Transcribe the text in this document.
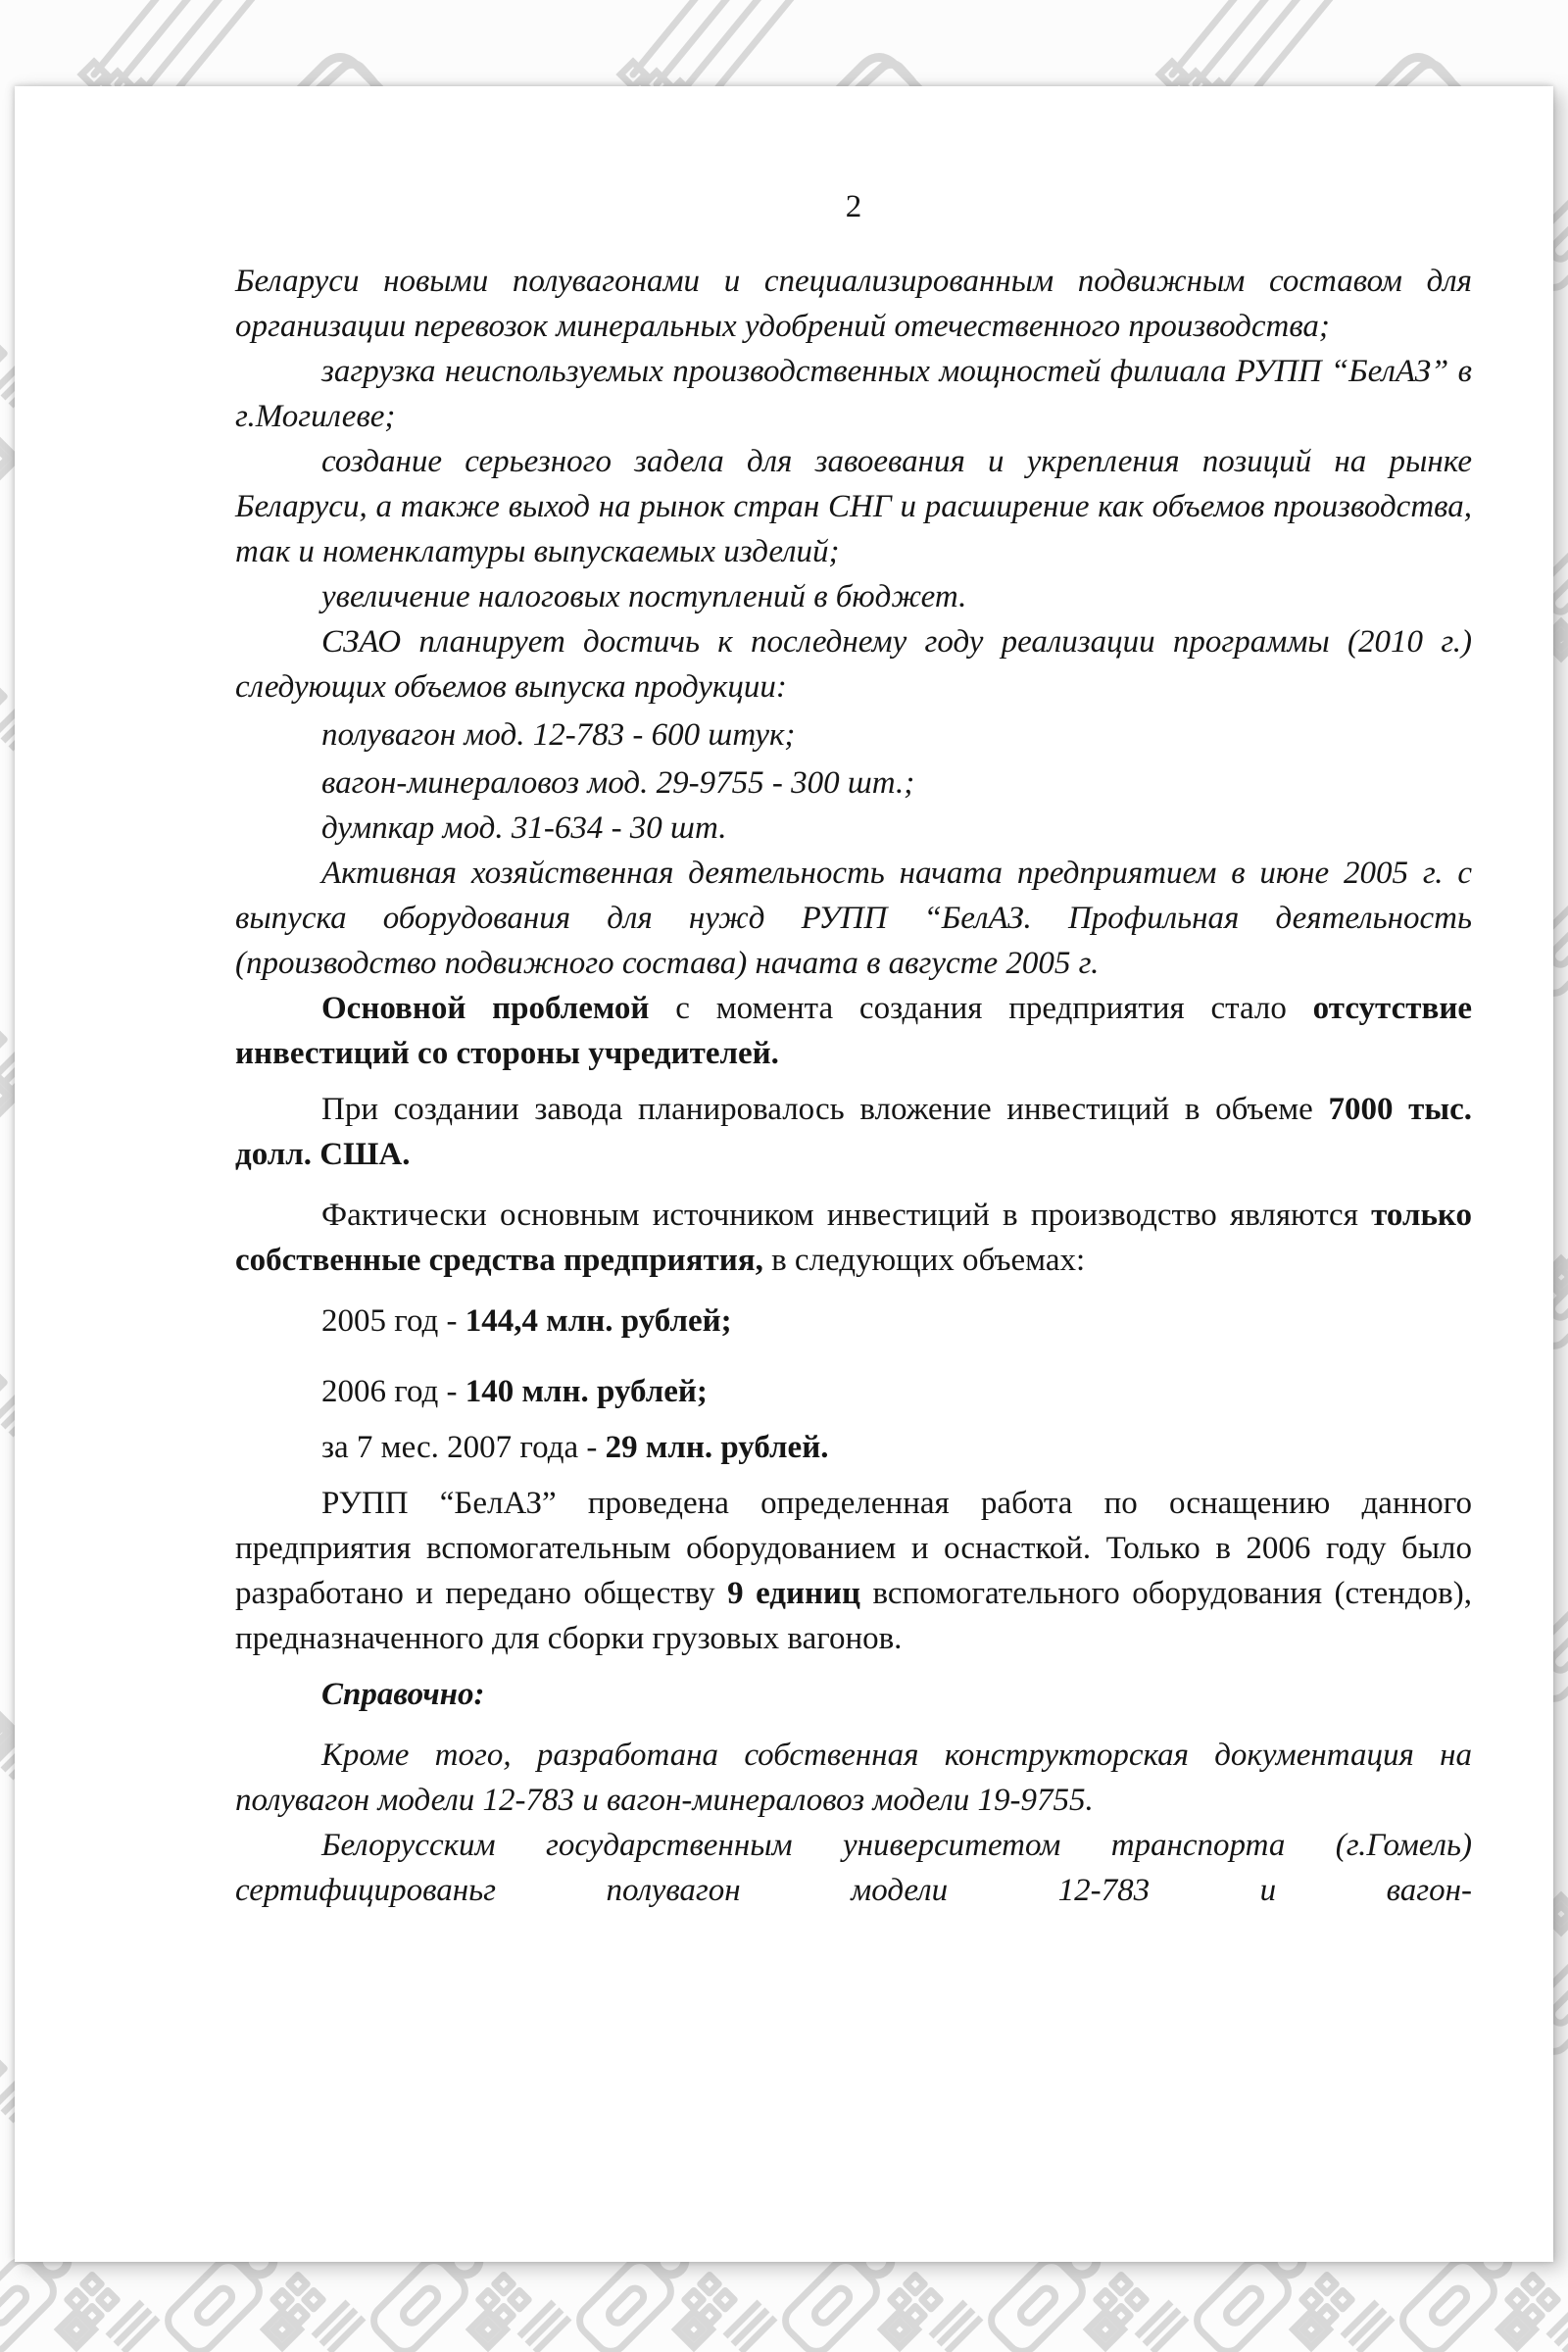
2

Беларуси новыми полувагонами и специализированным подвижным составом для организации перевозок минеральных удобрений отечественного производства;

загрузка неиспользуемых производственных мощностей филиала РУПП “БелАЗ” в г.Могилеве;

создание серьезного задела для завоевания и укрепления позиций на рынке Беларуси, а также выход на рынок стран СНГ и расширение как объемов производства, так и номенклатуры выпускаемых изделий;

увеличение налоговых поступлений в бюджет.

СЗАО планирует достичь к последнему году реализации программы (2010 г.) следующих объемов выпуска продукции:

полувагон мод. 12-783 - 600 штук;

вагон-минераловоз мод. 29-9755 - 300 шт.;

думпкар мод. 31-634 - 30 шт.

Активная хозяйственная деятельность начата предприятием в июне 2005 г. с выпуска оборудования для нужд РУПП “БелАЗ. Профильная деятельность (производство подвижного состава) начата в августе 2005 г.

Основной проблемой с момента создания предприятия стало отсутствие инвестиций со стороны учредителей.

При создании завода планировалось вложение инвестиций в объеме 7000 тыс. долл. США.

Фактически основным источником инвестиций в производство являются только собственные средства предприятия, в следующих объемах:

2005 год - 144,4 млн. рублей;

2006 год - 140 млн. рублей;

за 7 мес. 2007 года - 29 млн. рублей.

РУПП “БелАЗ” проведена определенная работа по оснащению данного предприятия вспомогательным оборудованием и оснасткой. Только в 2006 году было разработано и передано обществу 9 единиц вспомогательного оборудования (стендов), предназначенного для сборки грузовых вагонов.

Справочно:

Кроме того, разработана собственная конструкторская документация на полувагон модели 12-783 и вагон-минераловоз модели 19-9755.

Белорусским государственным университетом транспорта (г.Гомель) сертифицированьг полувагон модели 12-783 и вагон-
